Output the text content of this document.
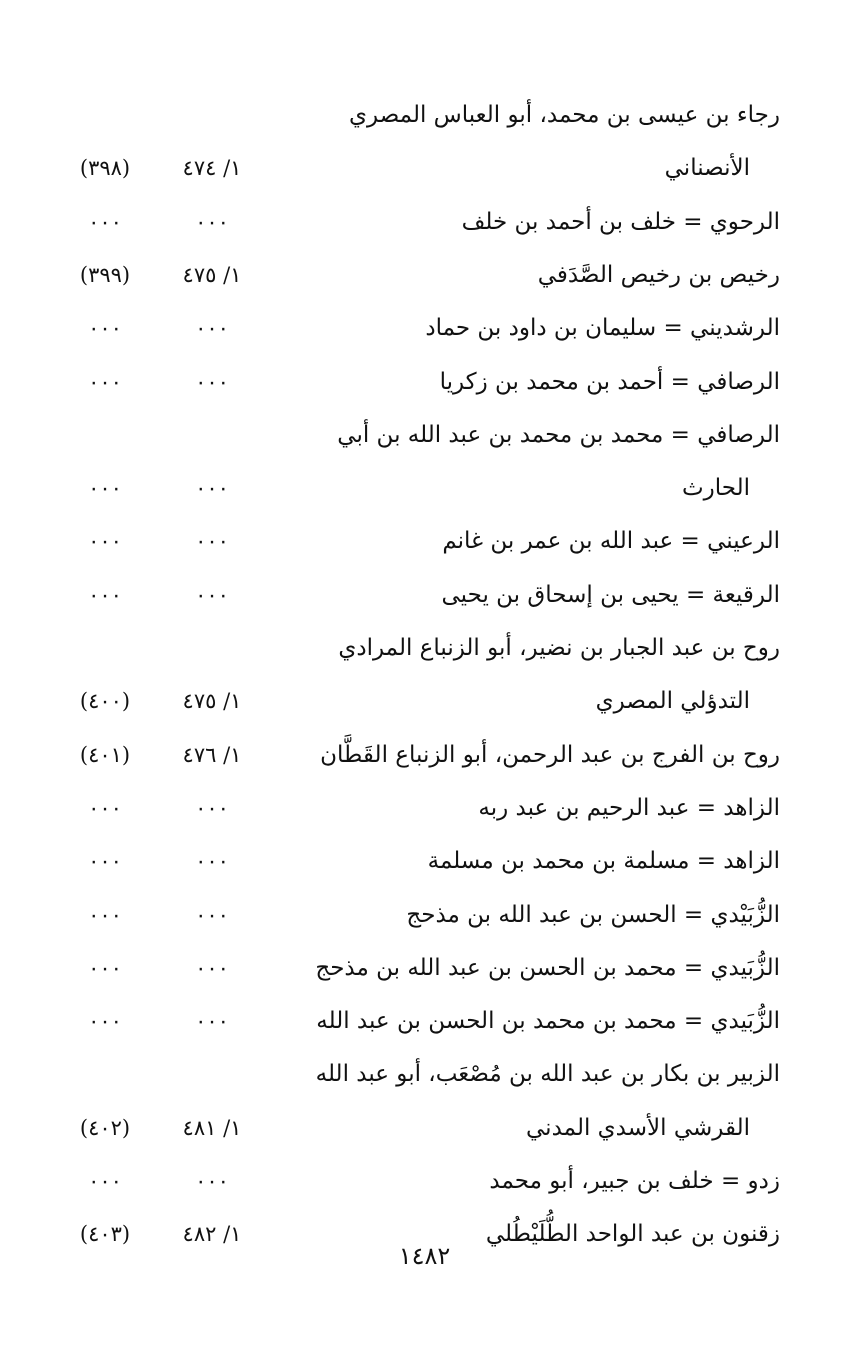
رجاء بن عيسى بن محمد، أبو العباس المصري
الأنصناني
١/ ٤٧٤
(٣٩٨)
الرحوي = خلف بن أحمد بن خلف
٠٠٠
٠٠٠
رخيص بن رخيص الصَّدَفي
١/ ٤٧٥
(٣٩٩)
الرشديني = سليمان بن داود بن حماد
٠٠٠
٠٠٠
الرصافي = أحمد بن محمد بن زكريا
٠٠٠
٠٠٠
الرصافي = محمد بن محمد بن عبد الله بن أبي
الحارث
٠٠٠
٠٠٠
الرعيني = عبد الله بن عمر بن غانم
٠٠٠
٠٠٠
الرقيعة = يحيى بن إسحاق بن يحيى
٠٠٠
٠٠٠
روح بن عبد الجبار بن نضير، أبو الزنباع المرادي
التدؤلي المصري
١/ ٤٧٥
(٤٠٠)
روح بن الفرج بن عبد الرحمن، أبو الزنباع القَطَّان
١/ ٤٧٦
(٤٠١)
الزاهد = عبد الرحيم بن عبد ربه
٠٠٠
٠٠٠
الزاهد = مسلمة بن محمد بن مسلمة
٠٠٠
٠٠٠
الزُّبَيْدي = الحسن بن عبد الله بن مذحج
٠٠٠
٠٠٠
الزُّبَيدي = محمد بن الحسن بن عبد الله بن مذحج
٠٠٠
٠٠٠
الزُّبَيدي = محمد بن محمد بن الحسن بن عبد الله
٠٠٠
٠٠٠
الزبير بن بكار بن عبد الله بن مُصْعَب، أبو عبد الله
القرشي الأسدي المدني
١/ ٤٨١
(٤٠٢)
زدو = خلف بن جبير، أبو محمد
٠٠٠
٠٠٠
زقنون بن عبد الواحد الطُّلَيْطُلي
١/ ٤٨٢
(٤٠٣)
١٤٨٢
